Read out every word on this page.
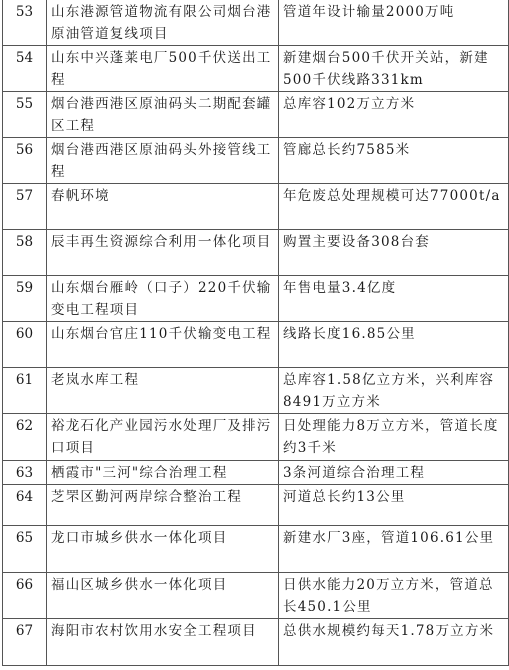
53	山东港源管道物流有限公司烟台港原油管道复线项目	管道年设计输量2000万吨
54	山东中兴蓬莱电厂500千伏送出工程	新建烟台500千伏开关站，新建500千伏线路331km
55	烟台港西港区原油码头二期配套罐区工程	总库容102万立方米
56	烟台港西港区原油码头外接管线工程	管廊总长约7585米
57	春帆环境	年危废总处理规模可达77000t/a
58	辰丰再生资源综合利用一体化项目	购置主要设备308台套
59	山东烟台雁岭（口子）220千伏输变电工程项目	年售电量3.4亿度
60	山东烟台官庄110千伏输变电工程	线路长度16.85公里
61	老岚水库工程	总库容1.58亿立方米，兴利库容8491万立方米
62	裕龙石化产业园污水处理厂及排污口项目	日处理能力8万立方米，管道长度约3千米
63	栖霞市"三河"综合治理工程	3条河道综合治理工程
64	芝罘区勤河两岸综合整治工程	河道总长约13公里
65	龙口市城乡供水一体化项目	新建水厂3座，管道106.61公里
66	福山区城乡供水一体化项目	日供水能力20万立方米，管道总长450.1公里
67	海阳市农村饮用水安全工程项目	总供水规模约每天1.78万立方米
